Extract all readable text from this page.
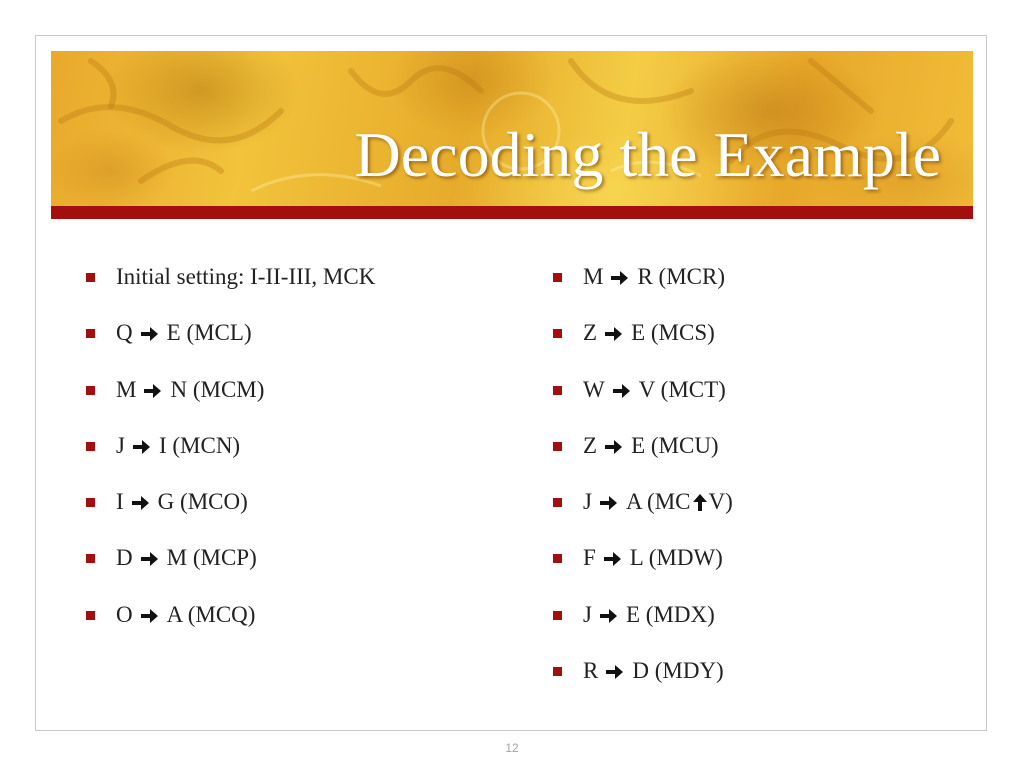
Decoding the Example
Initial setting: I-II-III, MCK
Q E (MCL)
M N (MCM)
J I (MCN)
I G (MCO)
D M (MCP)
O A (MCQ)
M R (MCR)
Z E (MCS)
W V (MCT)
Z E (MCU)
J A (MC V)
F L (MDW)
J E (MDX)
R D (MDY)
12
